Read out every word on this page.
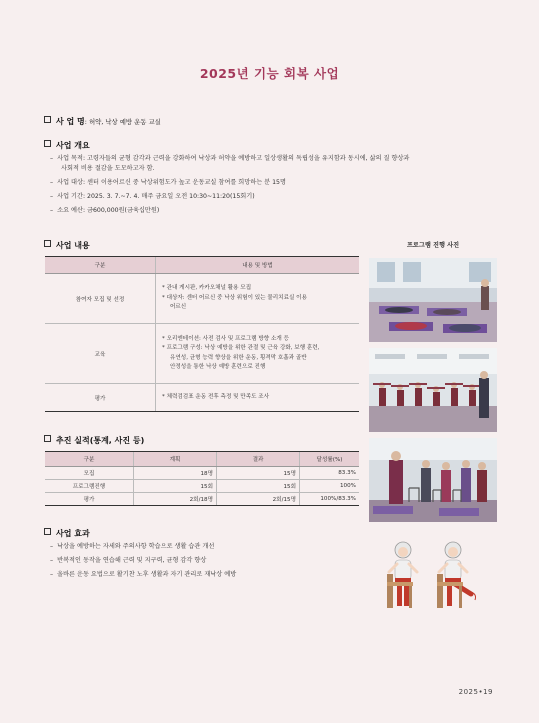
2025년 기능 회복 사업
사 업 명: 허약, 낙상 예방 운동 교실
사업 개요
– 사업 목적: 고령자들의 균형 감각과 근력을 강화하여 낙상과 허약을 예방하고 일상생활의 독립성을 유지함과 동시에, 삶의 질 향상과
사회적 비용 절감을 도모하고자 함.
– 사업 대상: 센터 이용어르신 중 낙상위험도가 높고 운동교실 참여를 희망하는 분 15명
– 사업 기간: 2025. 3. 7.~7. 4. 매주 금요일 오전 10:30~11:20(15회기)
– 소요 예산: 금600,000원(금육십만원)
사업 내용
구분	내용 및 방법
참여자 모집 및 선정	* 관내 게시판, 카카오채널 활용 모집
* 대상자: 센터 어르신 중 낙상 위험이 있는 물리치료실 이용
어르신

교육	* 오리엔테이션: 사전 검사 및 프로그램 방향 소개 등
* 프로그램 구성: 낙상 예방을 위한 관절 및 근육 강화, 보행 훈련,
유연성, 균형 능력 향상을 위한 운동, 횡격막 호흡과 골반
안정성을 통한 낙상 예방 훈련으로 진행

평가	* 체력검검표 운동 전후 측정 및 만족도 조사
추진 실적(통계, 사진 등)
구분	계획	결과	달성률(%)
모집	18명	15명	83.3%
프로그램진행	15회	15회	100%
평가	2회/18명	2회/15명	100%/83.3%
사업 효과
– 낙상을 예방하는 자세와 주의사항 학습으로 생활 습관 개선
– 반복적인 동작을 연습해 근력 및 지구력, 균형 감각 향상
– 올바른 운동 요법으로 활기찬 노후 생활과 자기 관리로 재낙상 예방
프로그램 진행 사진
2025•19
